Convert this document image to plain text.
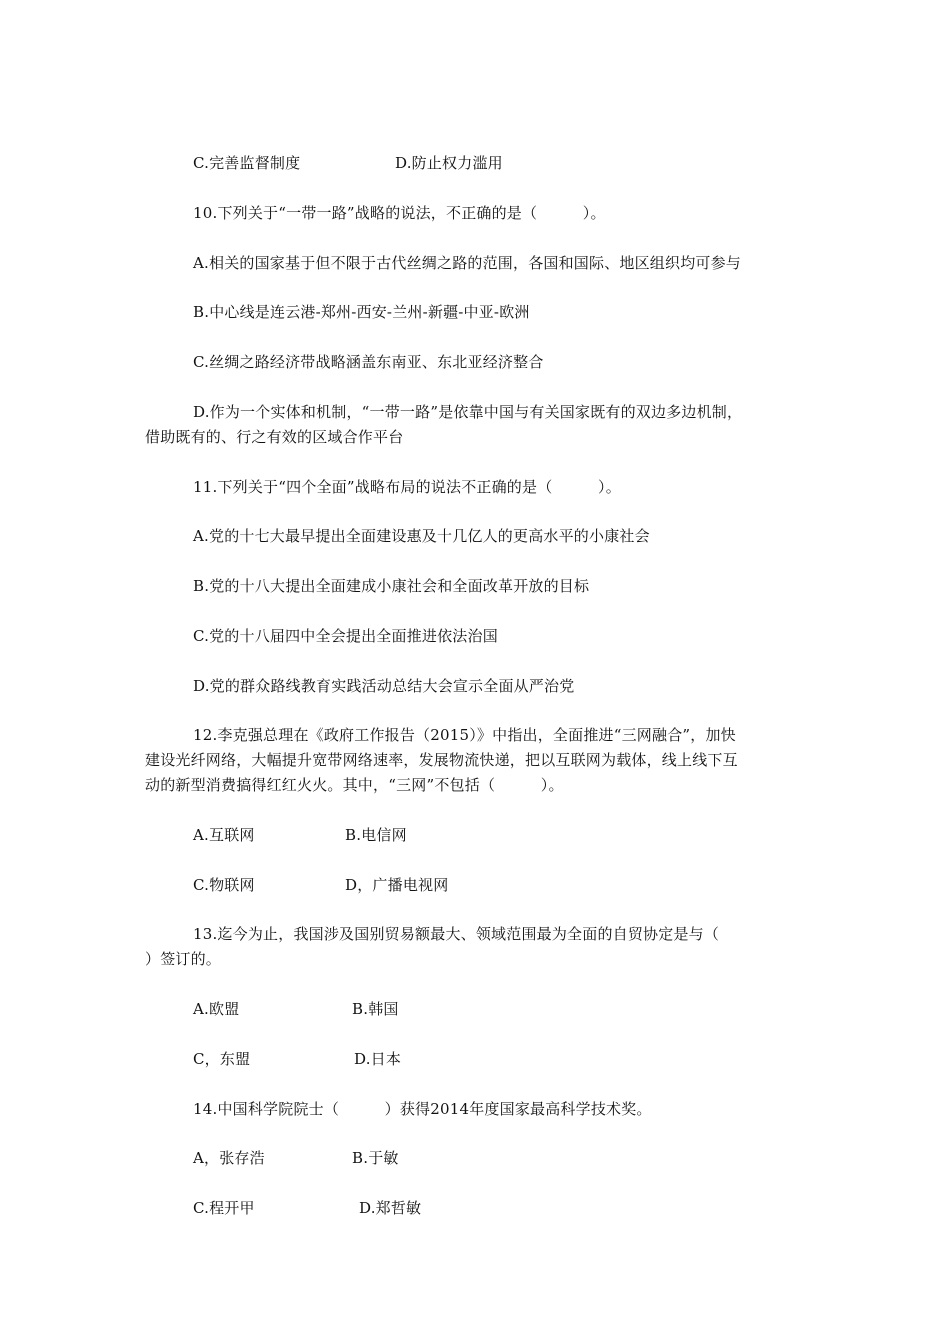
C.完善监督制度	D.防止权力滥用
10.下列关于“一带一路”战略的说法，不正确的是（　　　）。
A.相关的国家基于但不限于古代丝绸之路的范围，各国和国际、地区组织均可参与
B.中心线是连云港-郑州-西安-兰州-新疆-中亚-欧洲
C.丝绸之路经济带战略涵盖东南亚、东北亚经济整合
D.作为一个实体和机制，“一带一路”是依靠中国与有关国家既有的双边多边机制，
借助既有的、行之有效的区域合作平台
11.下列关于“四个全面”战略布局的说法不正确的是（　　　）。
A.党的十七大最早提出全面建设惠及十几亿人的更高水平的小康社会
B.党的十八大提出全面建成小康社会和全面改革开放的目标
C.党的十八届四中全会提出全面推进依法治国
D.党的群众路线教育实践活动总结大会宣示全面从严治党
12.李克强总理在《政府工作报告（2015）》中指出，全面推进“三网融合”，加快
建设光纤网络，大幅提升宽带网络速率，发展物流快递，把以互联网为载体，线上线下互
动的新型消费搞得红红火火。其中，“三网”不包括（　　　）。
A.互联网	B.电信网
C.物联网	D，广播电视网
13.迄今为止，我国涉及国别贸易额最大、领域范围最为全面的自贸协定是与（
）签订的。
A.欧盟	B.韩国
C，东盟	D.日本
14.中国科学院院士（　　　）获得2014年度国家最高科学技术奖。
A，张存浩	B.于敏
C.程开甲	D.郑哲敏
